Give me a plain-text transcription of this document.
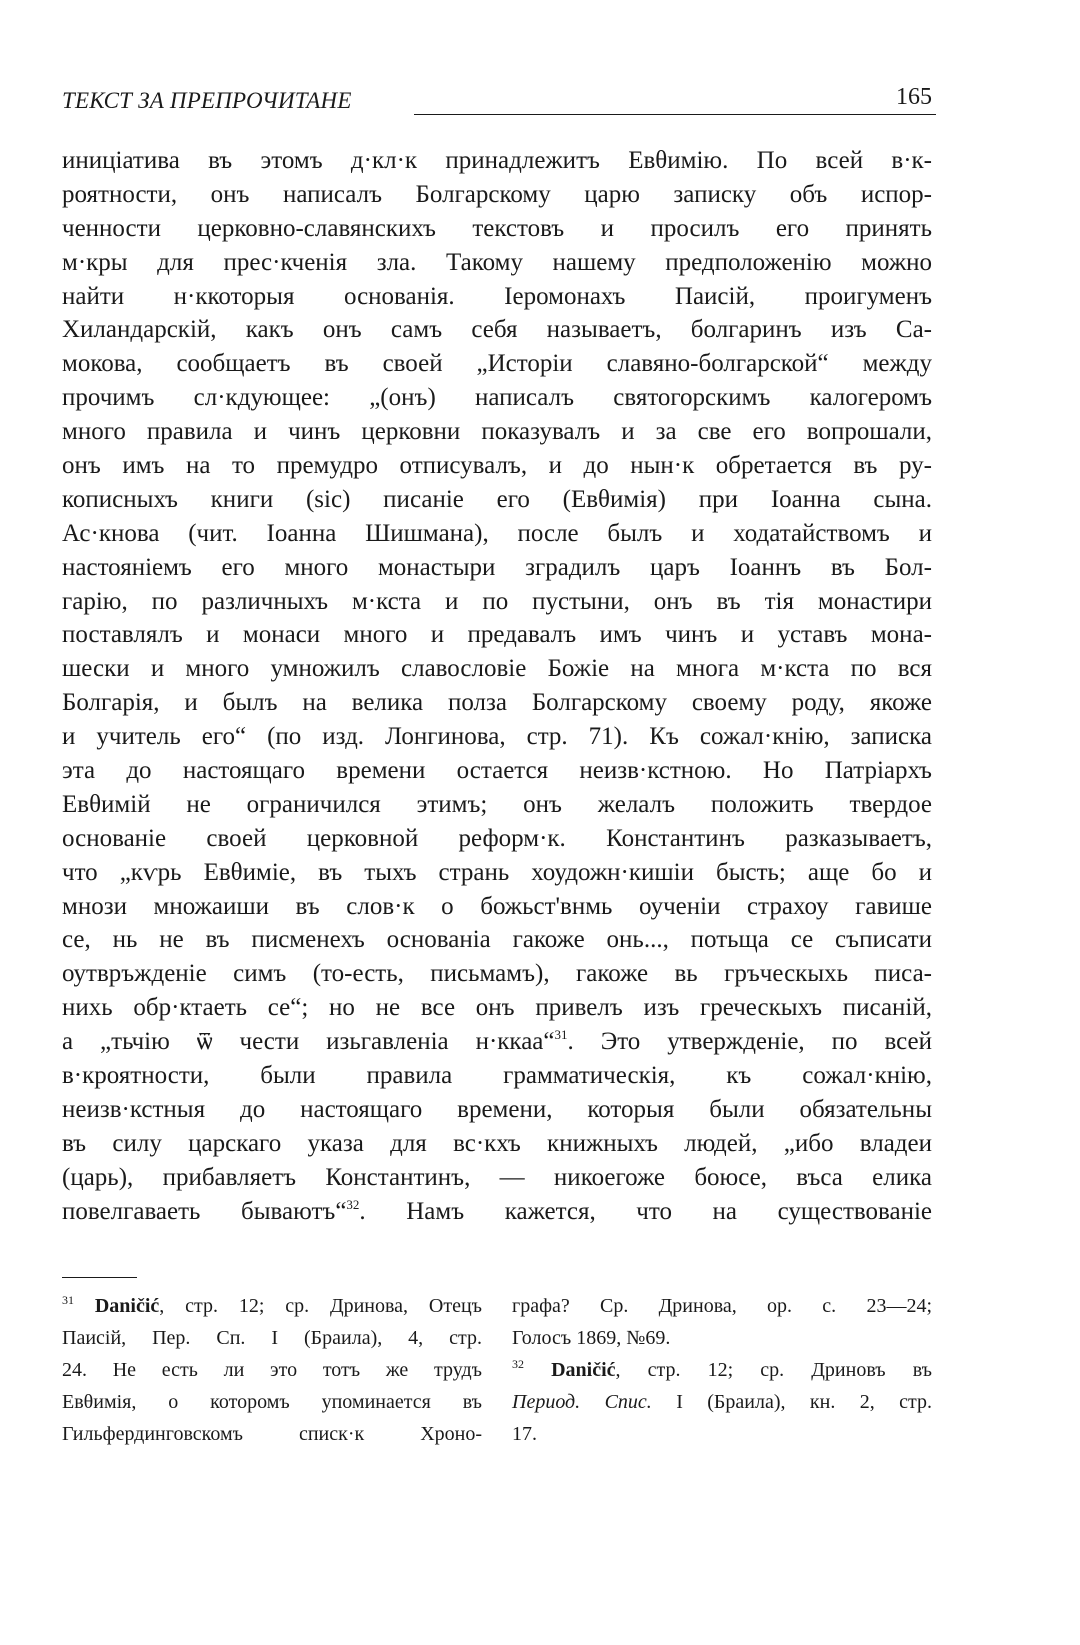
ТЕКСТ ЗА ПРЕПРОЧИТАНЕ	165
иниціатива въ этомъ д·кл·к принадлежитъ Евθимію. По всей в·к-
роятности, онъ написалъ Болгарскому царю записку объ испор-
ченности церковно-славянскихъ текстовъ и просилъ его принять
м·кры для прес·кченія зла. Такому нашему предположенію можно
найти н·ккоторыя основанія. Іеромонахъ Паисій, проигуменъ
Хиландарскій, какъ онъ самъ себя называетъ, болгаринъ изъ Са-
мокова, сообщаетъ въ своей „Исторіи славяно-болгарской“ между
прочимъ сл·кдующее: „(онъ) написалъ святогорскимъ калогеромъ
много правила и чинъ церковни показувалъ и за све его вопрошали,
онъ имъ на то премудро отписувалъ, и до нын·к обретается въ ру-
кописныхъ книги (sic) писаніе его (Евθимія) при Іоанна сына.
Ас·кнова (чит. Іоанна Шишмана), после былъ и ходатайствомъ и
настояніемъ его много монастыри зградилъ царъ Іоаннъ въ Бол-
гарію, по различныхъ м·кста и по пустыни, онъ въ тія монастири
поставлялъ и монаси много и предавалъ имъ чинъ и уставъ мона-
шески и много умножилъ славословіе Божіе на многа м·кста по вся
Болгарія, и былъ на велика полза Болгарскому своему роду, якоже
и учитель его“ (по изд. Лонгинова, стр. 71). Къ сожал·кнію, записка
эта до настоящаго времени остается неизв·кстною. Но Патріархъ
Евθимій не ограничился этимъ; онъ желалъ положить твердое
основаніе своей церковной реформ·к. Константинъ разказываетъ,
что „кѵрь Евθиміе, въ тыхъ странь хоудожн·кишіи бысть; аще бо и
мнози множаиши въ слов·к о божьст'внмь оученіи страхоу гавише
се, нь не въ писменехъ основаніа гакоже онь..., потьща се съписати
оутвръжденіе симъ (то-есть, письмамъ), гакоже вь гръческыхь писа-
нихь обр·ктаеть се“; но не все онъ привелъ изъ греческыхъ писаній,
а „тьчію ѿ чести изьгавленіа н·ккаа“$^{31}$. Это утвержденіе, по всей
в·кроятности, были правила грамматическія, къ сожал·кнію,
неизв·кстныя до настоящаго времени, которыя были обязательны
въ силу царскаго указа для вс·кхъ книжныхъ людей, „ибо владеи
(царь), прибавляетъ Константинъ, — никоегоже боюсе, въса елика
повелгаваеть бываютъ“$^{32}$. Намъ кажется, что на существованіе
$^{31}$ Daničić, стр. 12; ср. Дринова, Отецъ
Паисій, Пер. Сп. I (Браила), 4, стр.
24. Не есть ли это тотъ же трудъ
Евθимія, о которомъ упоминается въ
Гильфердинговскомъ списк·к Хроно-
графа? Ср. Дринова, op. c. 23—24;
Голосъ 1869, №69.
$^{32}$ Daničić, стр. 12; ср. Дриновъ въ
Период. Спис. I (Браила), кн. 2, стр.
17.
